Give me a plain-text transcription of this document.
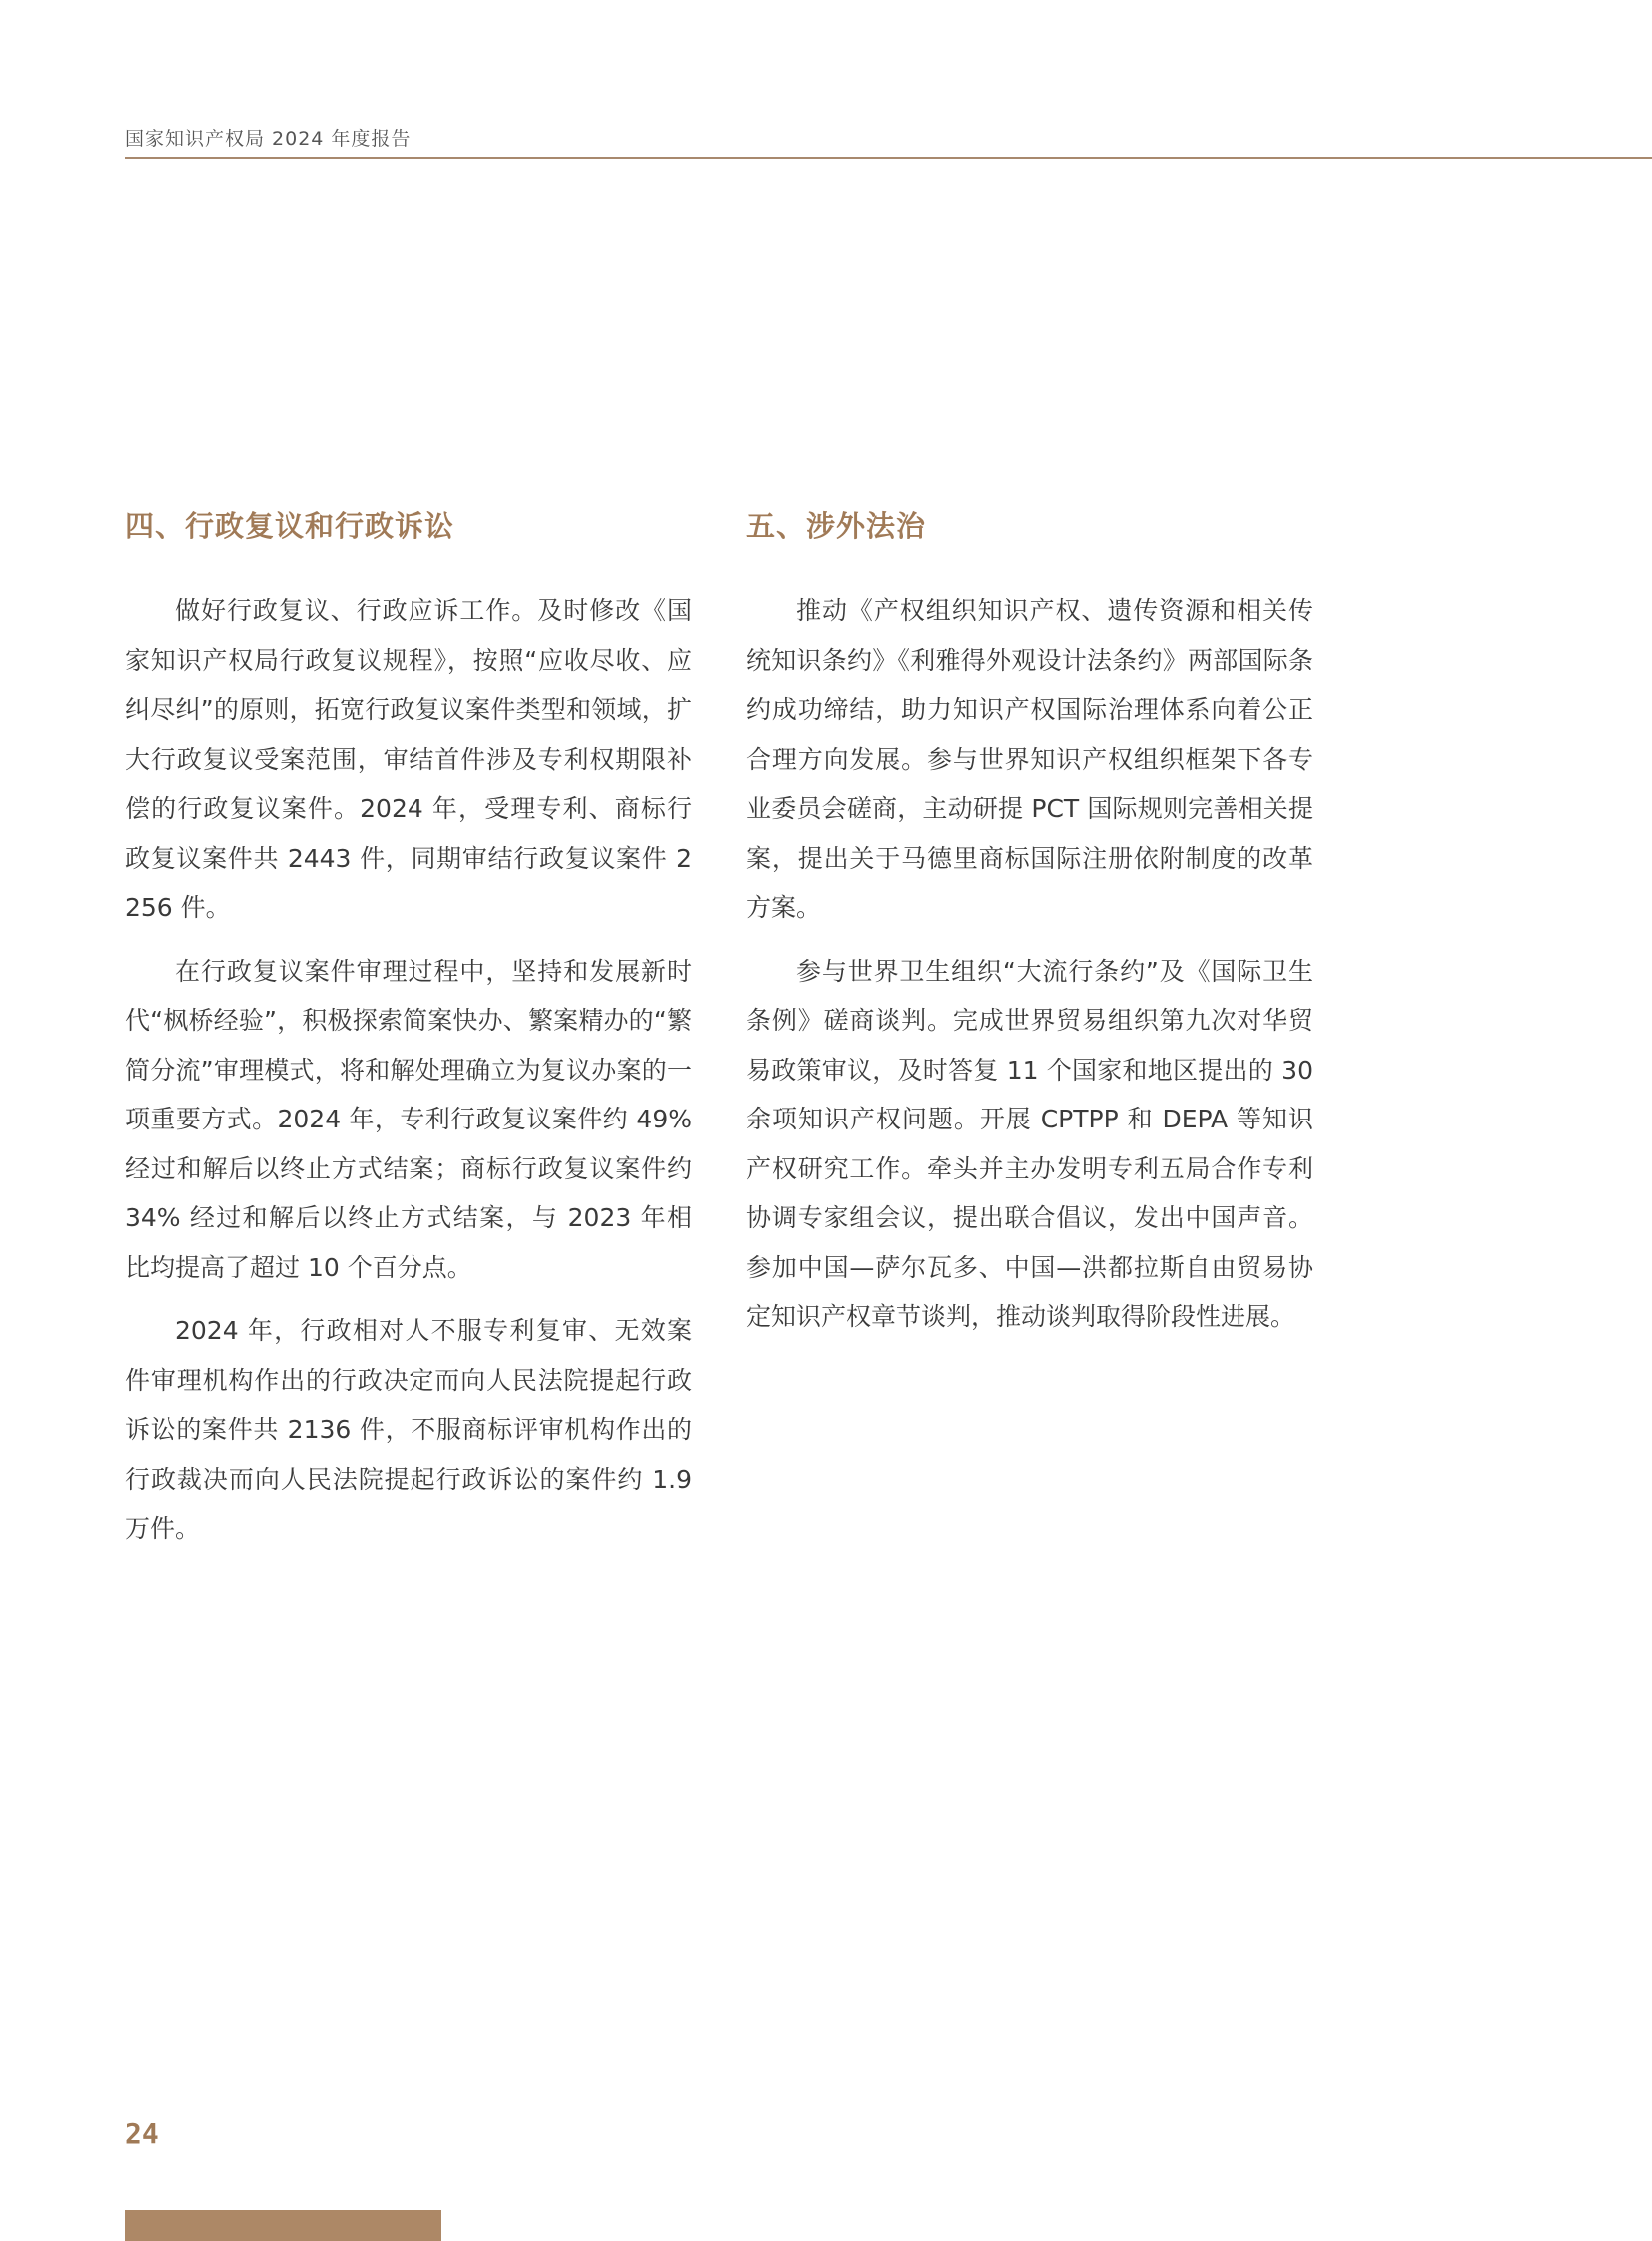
国家知识产权局 2024 年度报告
四、行政复议和行政诉讼

做好行政复议、行政应诉工作。及时修改《国家知识产权局行政复议规程》，按照“应收尽收、应纠尽纠”的原则，拓宽行政复议案件类型和领域，扩大行政复议受案范围，审结首件涉及专利权期限补偿的行政复议案件。2024 年，受理专利、商标行政复议案件共 2443 件，同期审结行政复议案件 2256 件。

在行政复议案件审理过程中，坚持和发展新时代“枫桥经验”，积极探索简案快办、繁案精办的“繁简分流”审理模式，将和解处理确立为复议办案的一项重要方式。2024 年，专利行政复议案件约 49% 经过和解后以终止方式结案；商标行政复议案件约 34% 经过和解后以终止方式结案，与 2023 年相比均提高了超过 10 个百分点。

2024 年，行政相对人不服专利复审、无效案件审理机构作出的行政决定而向人民法院提起行政诉讼的案件共 2136 件，不服商标评审机构作出的行政裁决而向人民法院提起行政诉讼的案件约 1.9 万件。

五、涉外法治

推动《产权组织知识产权、遗传资源和相关传统知识条约》《利雅得外观设计法条约》两部国际条约成功缔结，助力知识产权国际治理体系向着公正合理方向发展。参与世界知识产权组织框架下各专业委员会磋商，主动研提 PCT 国际规则完善相关提案，提出关于马德里商标国际注册依附制度的改革方案。

参与世界卫生组织“大流行条约”及《国际卫生条例》磋商谈判。完成世界贸易组织第九次对华贸易政策审议，及时答复 11 个国家和地区提出的 30 余项知识产权问题。开展 CPTPP 和 DEPA 等知识产权研究工作。牵头并主办发明专利五局合作专利协调专家组会议，提出联合倡议，发出中国声音。参加中国—萨尔瓦多、中国—洪都拉斯自由贸易协定知识产权章节谈判，推动谈判取得阶段性进展。

24
